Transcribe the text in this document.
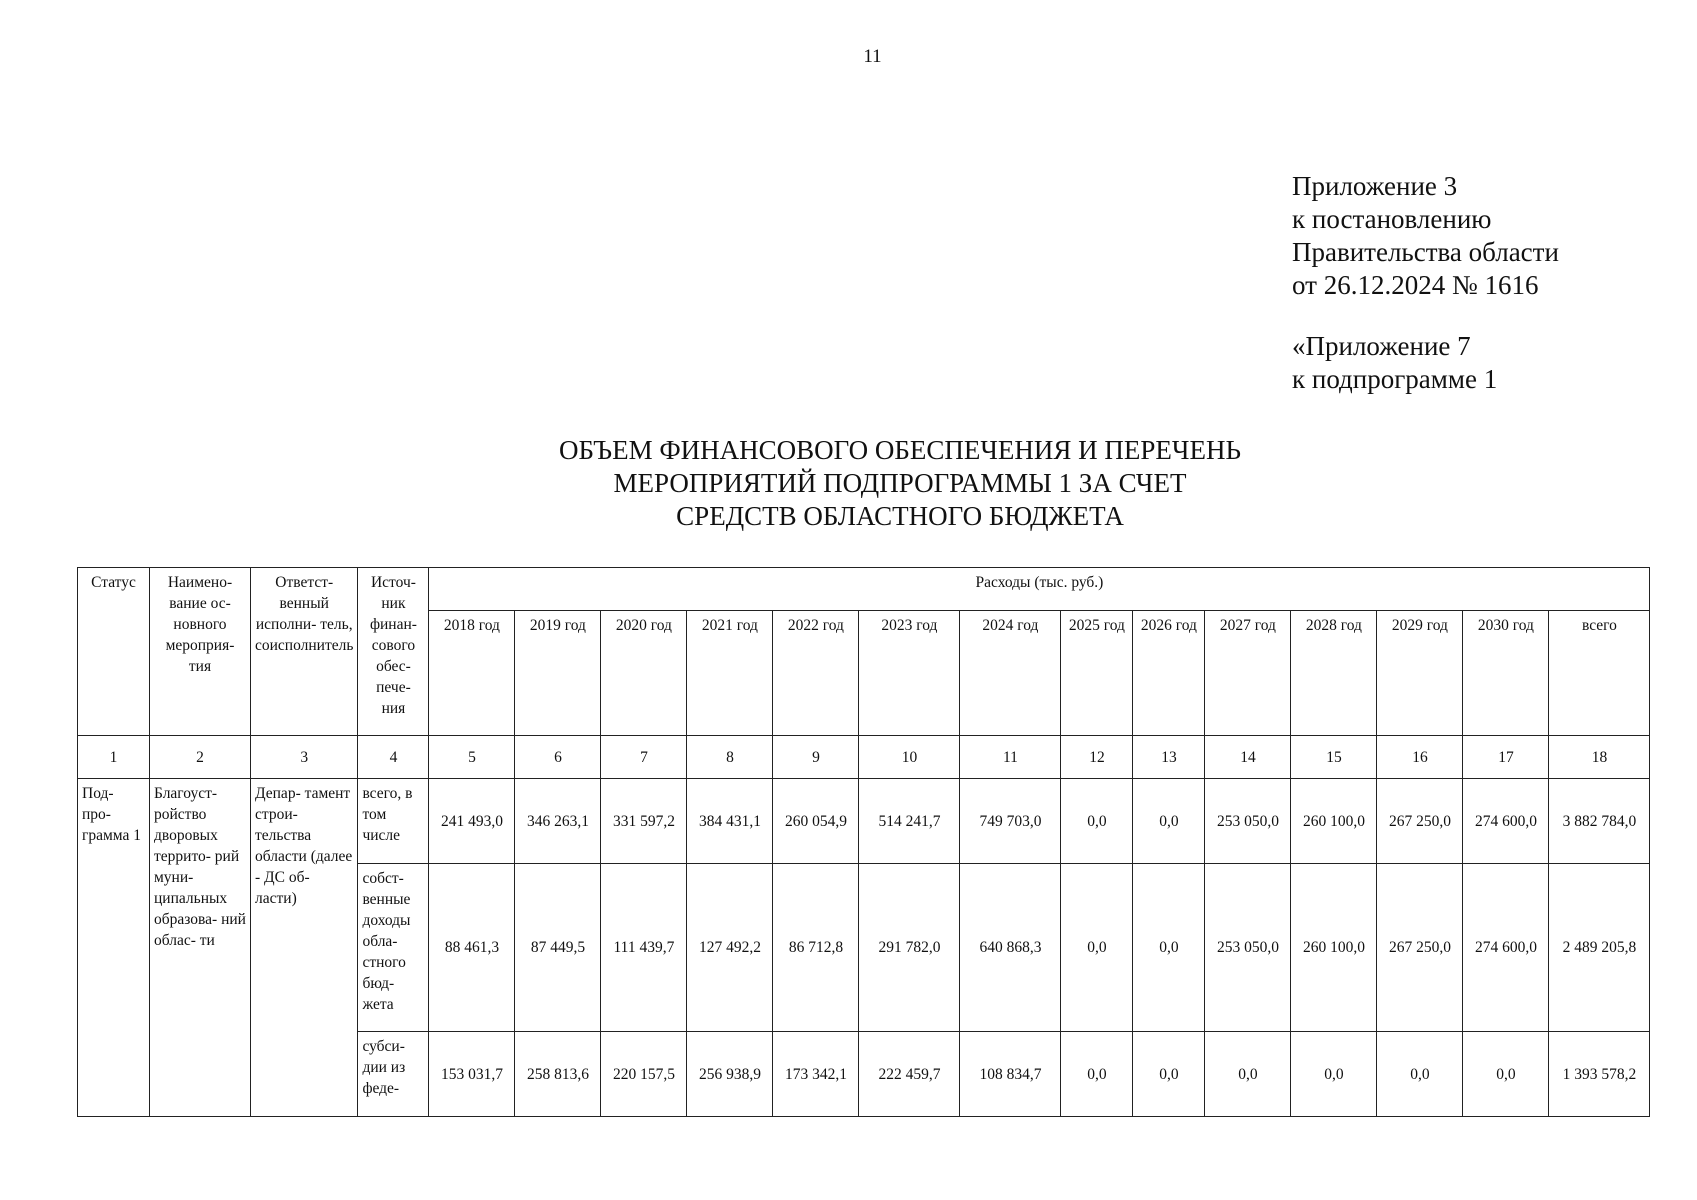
11
Приложение 3
к постановлению
Правительства области
от 26.12.2024 № 1616
«Приложение 7
к подпрограмме 1
ОБЪЕМ ФИНАНСОВОГО ОБЕСПЕЧЕНИЯ И ПЕРЕЧЕНЬ
МЕРОПРИЯТИЙ ПОДПРОГРАММЫ 1 ЗА СЧЕТ
СРЕДСТВ ОБЛАСТНОГО БЮДЖЕТА
Статус	Наимено- вание ос- новного мероприя- тия	Ответст- венный исполни- тель, соисполнитель	Источ- ник финан- сового обес- пече- ния	Расходы (тыс. руб.)													
				2018 год	2019 год	2020 год	2021 год	2022 год	2023 год	2024 год	2025 год	2026 год	2027 год	2028 год	2029 год	2030 год	всего
1	2	3	4	5	6	7	8	9	10	11	12	13	14	15	16	17	18
Под- про- грамма 1	Благоуст- ройство дворовых террито- рий муни- ципальных образова- ний облас- ти	Депар- тамент строи- тельства области (далее - ДС об- ласти)	всего, в том числе	241 493,0	346 263,1	331 597,2	384 431,1	260 054,9	514 241,7	749 703,0	0,0	0,0	253 050,0	260 100,0	267 250,0	274 600,0	3 882 784,0
			собст- венные доходы обла- стного бюд- жета	88 461,3	87 449,5	111 439,7	127 492,2	86 712,8	291 782,0	640 868,3	0,0	0,0	253 050,0	260 100,0	267 250,0	274 600,0	2 489 205,8
			субси- дии из феде-	153 031,7	258 813,6	220 157,5	256 938,9	173 342,1	222 459,7	108 834,7	0,0	0,0	0,0	0,0	0,0	0,0	1 393 578,2
